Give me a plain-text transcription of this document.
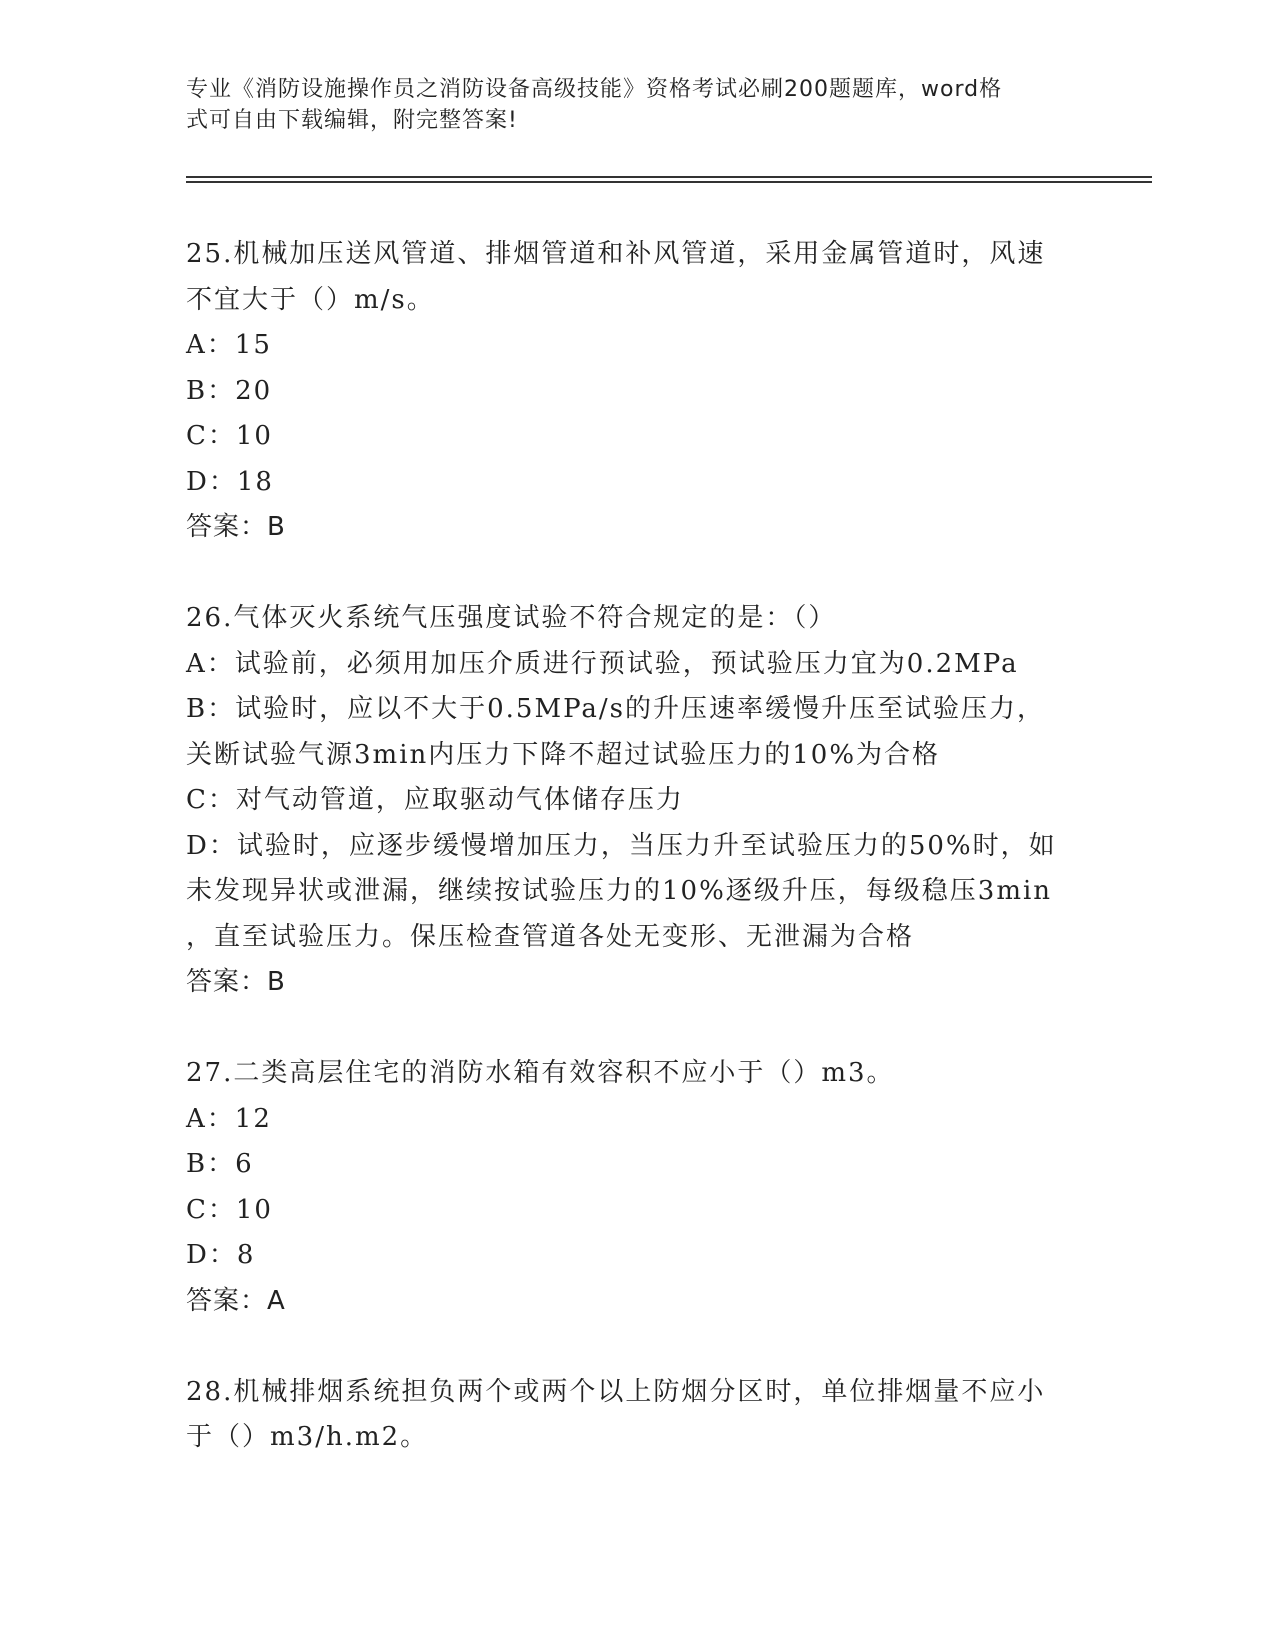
专业《消防设施操作员之消防设备高级技能》资格考试必刷200题题库，word格
式可自由下载编辑，附完整答案!

25.机械加压送风管道、排烟管道和补风管道，采用金属管道时，风速

不宜大于（）m/s。

A：15

B：20

C：10

D：18

答案：B

26.气体灭火系统气压强度试验不符合规定的是：（）

A：试验前，必须用加压介质进行预试验，预试验压力宜为0.2MPa

B：试验时，应以不大于0.5MPa/s的升压速率缓慢升压至试验压力，

关断试验气源3min内压力下降不超过试验压力的10%为合格

C：对气动管道，应取驱动气体储存压力

D：试验时，应逐步缓慢增加压力，当压力升至试验压力的50%时，如

未发现异状或泄漏，继续按试验压力的10%逐级升压，每级稳压3min

，直至试验压力。保压检查管道各处无变形、无泄漏为合格

答案：B

27.二类高层住宅的消防水箱有效容积不应小于（）m3。

A：12

B：6

C：10

D：8

答案：A

28.机械排烟系统担负两个或两个以上防烟分区时，单位排烟量不应小

于（）m3/h.m2。
